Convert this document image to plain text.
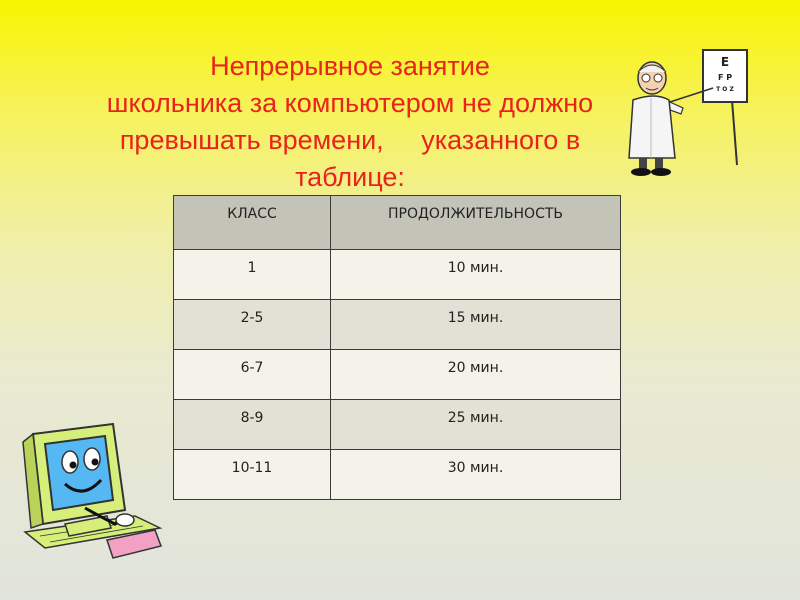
Непрерывное занятие
школьника за компьютером не должно
превышать времени,     указанного в
таблице:
КЛАСС	ПРОДОЛЖИТЕЛЬНОСТЬ
1	10 мин.
2-5	15 мин.
6-7	20 мин.
8-9	25 мин.
10-11	30 мин.
Е
F P
T O Z
